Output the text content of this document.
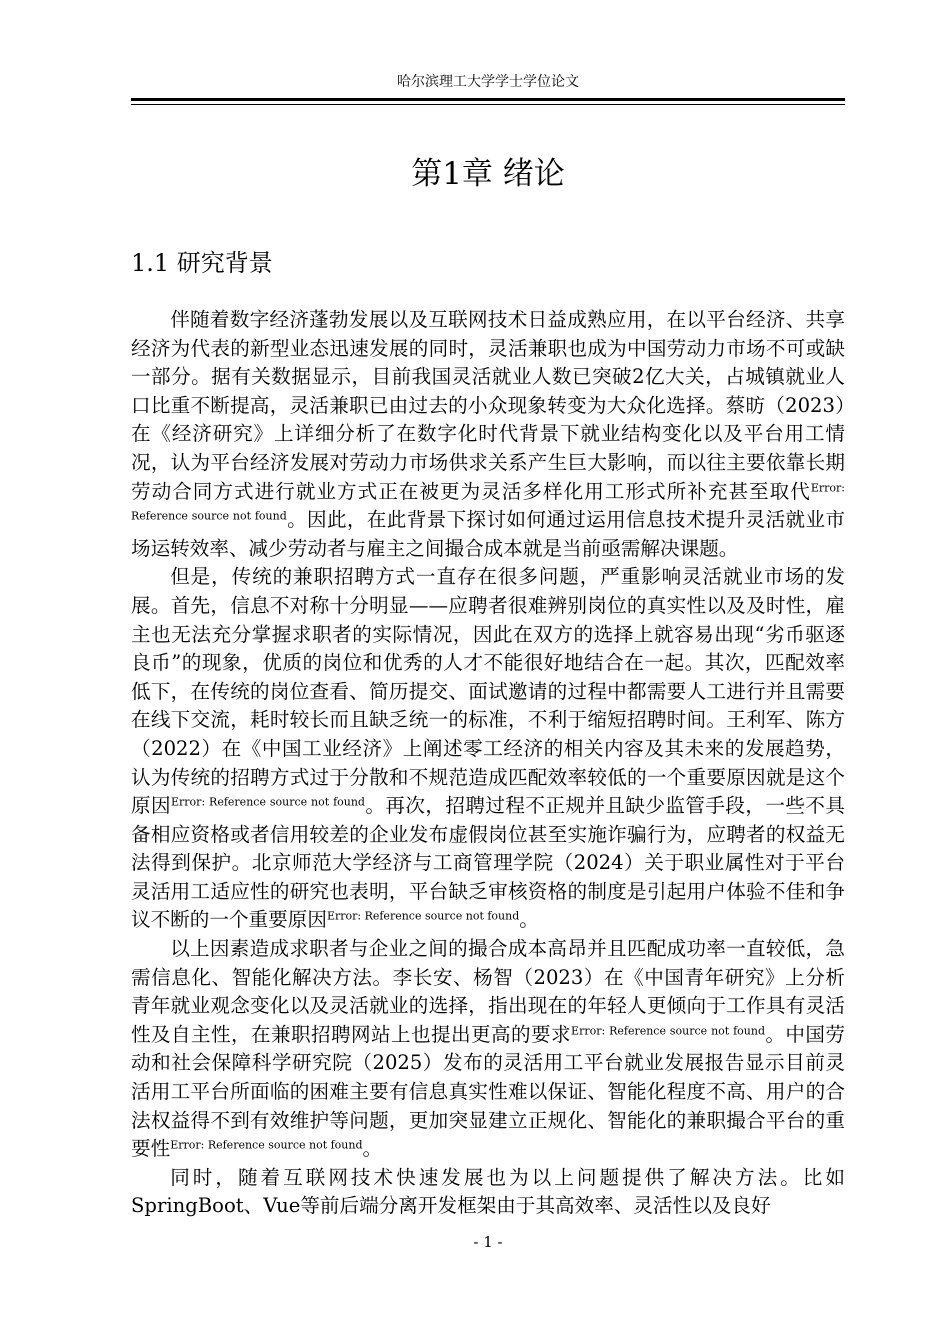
哈尔滨理工大学学士学位论文
第1章 绪论
1.1 研究背景

伴随着数字经济蓬勃发展以及互联网技术日益成熟应用，在以平台经济、共享经济为代表的新型业态迅速发展的同时，灵活兼职也成为中国劳动力市场不可或缺一部分。据有关数据显示，目前我国灵活就业人数已突破2亿大关，占城镇就业人口比重不断提高，灵活兼职已由过去的小众现象转变为大众化选择。蔡昉（2023）在《经济研究》上详细分析了在数字化时代背景下就业结构变化以及平台用工情况，认为平台经济发展对劳动力市场供求关系产生巨大影响，而以往主要依靠长期劳动合同方式进行就业方式正在被更为灵活多样化用工形式所补充甚至取代$^{Error: Reference source not found}$。因此，在此背景下探讨如何通过运用信息技术提升灵活就业市场运转效率、减少劳动者与雇主之间撮合成本就是当前亟需解决课题。

但是，传统的兼职招聘方式一直存在很多问题，严重影响灵活就业市场的发展。首先，信息不对称十分明显——应聘者很难辨别岗位的真实性以及及时性，雇主也无法充分掌握求职者的实际情况，因此在双方的选择上就容易出现“劣币驱逐良币”的现象，优质的岗位和优秀的人才不能很好地结合在一起。其次，匹配效率低下，在传统的岗位查看、简历提交、面试邀请的过程中都需要人工进行并且需要在线下交流，耗时较长而且缺乏统一的标准，不利于缩短招聘时间。王利军、陈方（2022）在《中国工业经济》上阐述零工经济的相关内容及其未来的发展趋势，认为传统的招聘方式过于分散和不规范造成匹配效率较低的一个重要原因就是这个原因$^{Error: Reference source not found}$。再次，招聘过程不正规并且缺少监管手段，一些不具备相应资格或者信用较差的企业发布虚假岗位甚至实施诈骗行为，应聘者的权益无法得到保护。北京师范大学经济与工商管理学院（2024）关于职业属性对于平台灵活用工适应性的研究也表明，平台缺乏审核资格的制度是引起用户体验不佳和争议不断的一个重要原因$^{Error: Reference source not found}$。

以上因素造成求职者与企业之间的撮合成本高昂并且匹配成功率一直较低，急需信息化、智能化解决方法。李长安、杨智（2023）在《中国青年研究》上分析青年就业观念变化以及灵活就业的选择，指出现在的年轻人更倾向于工作具有灵活性及自主性，在兼职招聘网站上也提出更高的要求$^{Error: Reference source not found}$。中国劳动和社会保障科学研究院（2025）发布的灵活用工平台就业发展报告显示目前灵活用工平台所面临的困难主要有信息真实性难以保证、智能化程度不高、用户的合法权益得不到有效维护等问题，更加突显建立正规化、智能化的兼职撮合平台的重要性$^{Error: Reference source not found}$。

同时，随着互联网技术快速发展也为以上问题提供了解决方法。比如SpringBoot、Vue等前后端分离开发框架由于其高效率、灵活性以及良好

- 1 -
